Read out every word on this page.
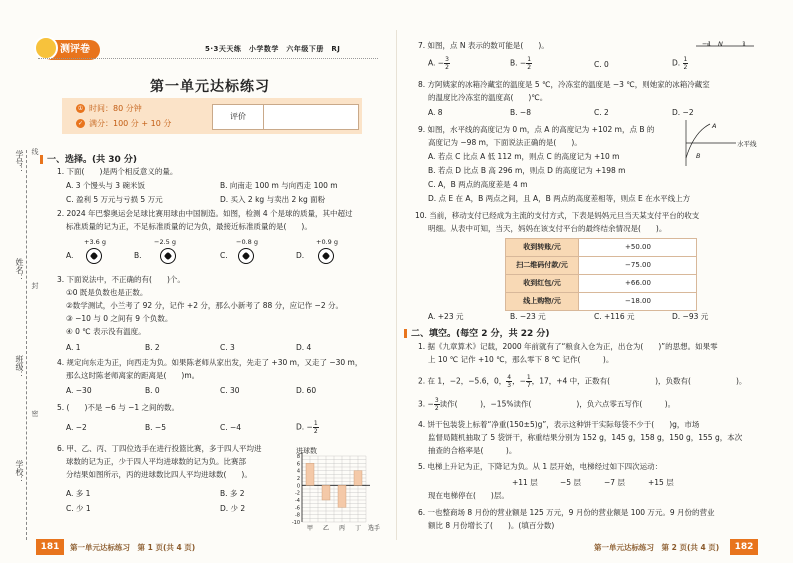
学号：
姓名：
班级：
学校：
线
封
密
测评卷	5·3天天练　小学数学　六年级下册　RJ
第一单元达标练习
① 时间：80 分钟
✓ 满分：100 分 + 10 分
评价
一、选择。(共 30 分)
1. 下面(　　)是两个相反意义的量。
A. 3 个馒头与 3 碗米饭	B. 向南走 100 m 与向西走 100 m
C. 盈利 5 万元与亏损 5 万元	D. 买入 2 kg 与卖出 2 kg 面粉
2. 2024 年巴黎奥运会足球比赛用球由中国制造。如图，检测 4 个是球的质量，其中超过
标准质量的记为正，不足标准质量的记为负，最接近标准质量的是(　　)。
A.
+3.6 g
B.
−2.5 g
C.
−0.8 g
D.
+0.9 g
3. 下面说法中，不正确的有(　　)个。
①0 既是负数也是正数。
②数学测试，小兰考了 92 分，记作 +2 分，那么小新考了 88 分，应记作 −2 分。
③ −10 与 0 之间有 9 个负数。
④ 0 ℃ 表示没有温度。
A. 1	B. 2	C. 3	D. 4
4. 规定向东走为正，向西走为负。如果陈老师从家出发，先走了 +30 m，又走了 −30 m，
那么这时陈老师离家的距离是(　　)m。
A. −30	B. 0	C. 30	D. 60
5. (　　)不是 −6 与 −1 之间的数。
A. −2	B. −5	C. −4	D. − $\frac{1}{2}$
6. 甲、乙、丙、丁四位选手在进行投篮比赛，多于四人平均进
球数的记为正，少于四人平均进球数的记为负。比赛部
分结果如图所示，丙的进球数比四人平均进球数(　　)。
A. 多 1	B. 多 2
C. 少 1	D. 少 2
进球数
8
6
4
2
0
-2
-4
-6
-8
-10
甲 乙 丙 丁 选手
181	第一单元达标练习　第 1 页(共 4 页)
7. 如图，点 N 表示的数可能是(　　)。	−1 N	1
A. − $\frac{3}{2}$	B. − $\frac{1}{2}$	C. 0	D. $\frac{1}{2}$
8. 方阿姨家的冰箱冷藏室的温度是 5 ℃，冷冻室的温度是 −3 ℃，则她家的冰箱冷藏室
的温度比冷冻室的温度高(　　)℃。
A. 8	B. −8	C. 2	D. −2
9. 如图，水平线的高度记为 0 m，点 A 的高度记为 +102 m，点 B 的
高度记为 −98 m，下面说法正确的是(　　)。
A. 若点 C 比点 A 低 112 m，则点 C 的高度记为 +10 m
B. 若点 D 比点 B 高 296 m，则点 D 的高度记为 +198 m
C. A，B 两点的高度差是 4 m
D. 点 E 在 A，B 两点之间，且 A，B 两点的高度差相等，则点 E 在水平线上方
A
B
水平线
10. 当前，移动支付已经成为主流的支付方式，下表是妈妈元旦当天某支付平台的收支
明细。从表中可知，当天，妈妈在该支付平台的最终结余情况是(　　)。
收到转账/元	+50.00
扫二维码付款/元	−75.00
收到红包/元	+66.00
线上购物/元	−18.00
A. +23 元	B. −23 元	C. +116 元	D. −93 元
二、填空。(每空 2 分，共 22 分)
1. 据《九章算术》记载，2000 年前就有了“粮食入仓为正，出仓为(　　)”的思想。如果零
上 10 ℃ 记作 +10 ℃，那么零下 8 ℃ 记作(　　　)。
2. 在 1，−2，−5.6，0， $\frac{4}{3}$ ，− $\frac{1}{7}$ ，17，+4 中，正数有(　　　　　　)，负数有(　　　　　　)。
3. − $\frac{3}{2}$ 读作(　　　)，−15%读作(　　　　　　)，负六点零五写作(　　　)。
4. 饼干包装袋上标着“净重(150±5)g”，表示这种饼干实际每袋不少于(　　)g，市场
监督局随机抽取了 5 袋饼干，称重结果分别为 152 g，145 g，158 g，150 g，155 g，本次
抽查的合格率是(　　　)。
5. 电梯上升记为正，下降记为负。从 1 层开始，电梯经过如下四次运动：
+11 层	−5 层	−7 层	+15 层
现在电梯停在(　　)层。
6. 一也整商场 8 月份的营业额是 125 万元，9 月份的营业额是 100 万元。9 月份的营业
额比 8 月份增长了(　　)。(填百分数)
第一单元达标练习　第 2 页(共 4 页)	182
